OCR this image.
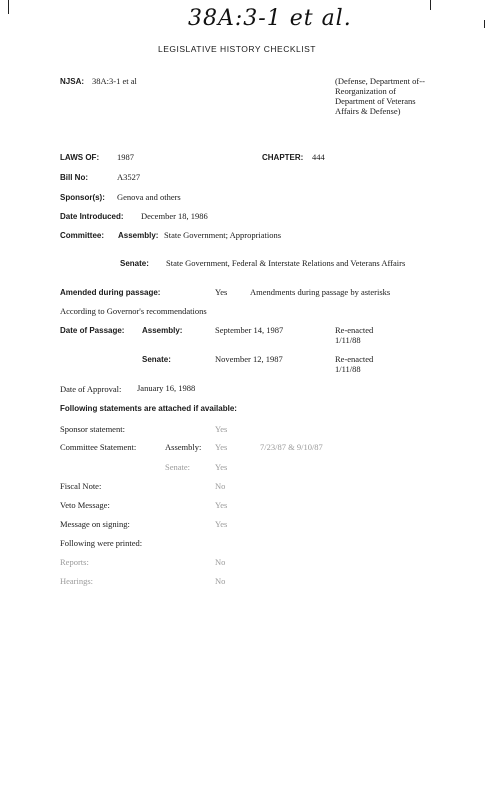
38A:3-1 et al.
LEGISLATIVE HISTORY CHECKLIST
NJSA: 38A:3-1 et al	(Defense, Department of--Reorganization of Department of Veterans Affairs & Defense)
LAWS OF: 1987	CHAPTER: 444
Bill No:	A3527
Sponsor(s): Genova and others
Date Introduced: December 18, 1986
Committee: Assembly: State Government; Appropriations
Senate: State Government, Federal & Interstate Relations and Veterans Affairs
Amended during passage:	Yes	Amendments during passage by asterisks
According to Governor's recommendations
Date of Passage: Assembly:	September 14, 1987	Re-enacted
1/11/88
Senate:	November 12, 1987	Re-enacted
1/11/88
Date of Approval: January 16, 1988
Following statements are attached if available:
Sponsor statement:	Yes
Committee Statement:	Assembly: Yes	7/23/87 & 9/10/87
Senate:	Yes
Fiscal Note:	No
Veto Message:	Yes
Message on signing:	Yes
Following were printed:
Reports:	No
Hearings:	No
